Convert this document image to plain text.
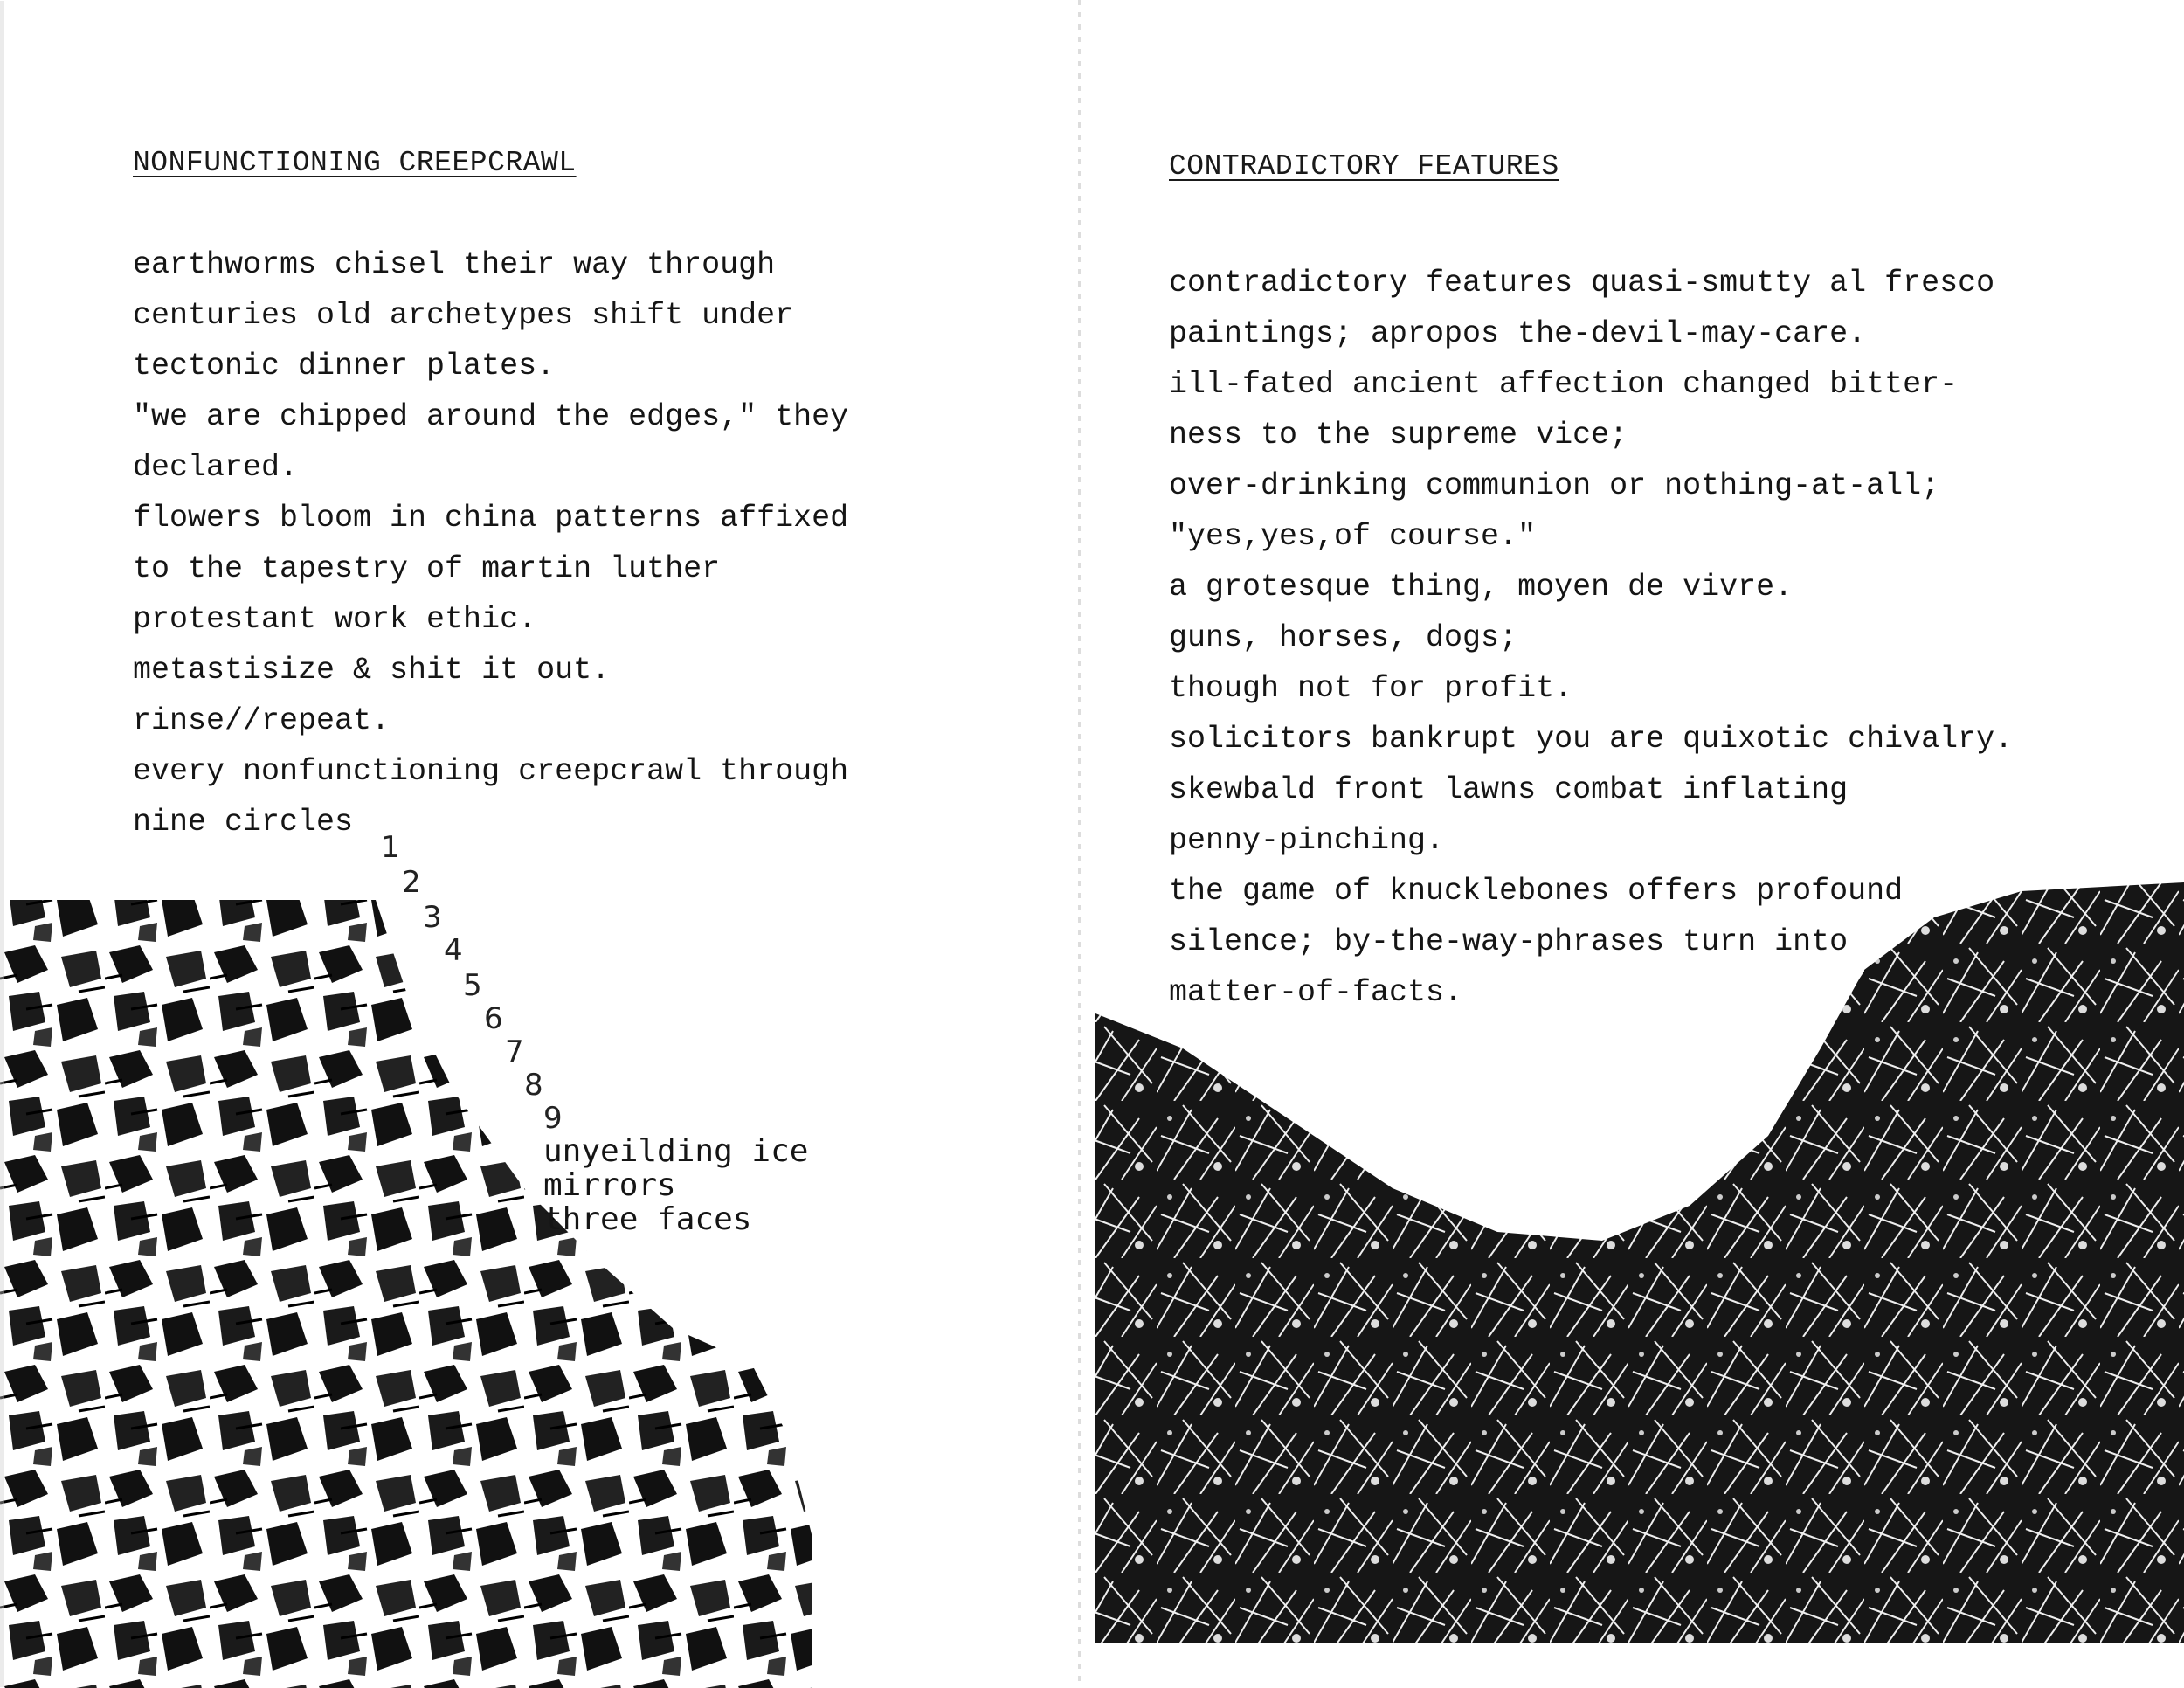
NONFUNCTIONING CREEPCRAWL
earthworms chisel their way through
centuries old archetypes shift under
tectonic dinner plates.
"we are chipped around the edges," they
declared.
flowers bloom in china patterns affixed
to the tapestry of martin luther
protestant work ethic.
metastisize & shit it out.
rinse//repeat.
every nonfunctioning creepcrawl through
nine circles
1
2
3
4
5
6
7
8
9
unyeilding ice
mirrors
three faces
CONTRADICTORY FEATURES
contradictory features quasi-smutty al fresco
paintings; apropos the-devil-may-care.
ill-fated ancient affection changed bitter-
ness to the supreme vice;
over-drinking communion or nothing-at-all;
"yes,yes,of course."
a grotesque thing, moyen de vivre.
guns, horses, dogs;
though not for profit.
solicitors bankrupt you are quixotic chivalry.
skewbald front lawns combat inflating
penny-pinching.
the game of knucklebones offers profound
silence; by-the-way-phrases turn into
matter-of-facts.
